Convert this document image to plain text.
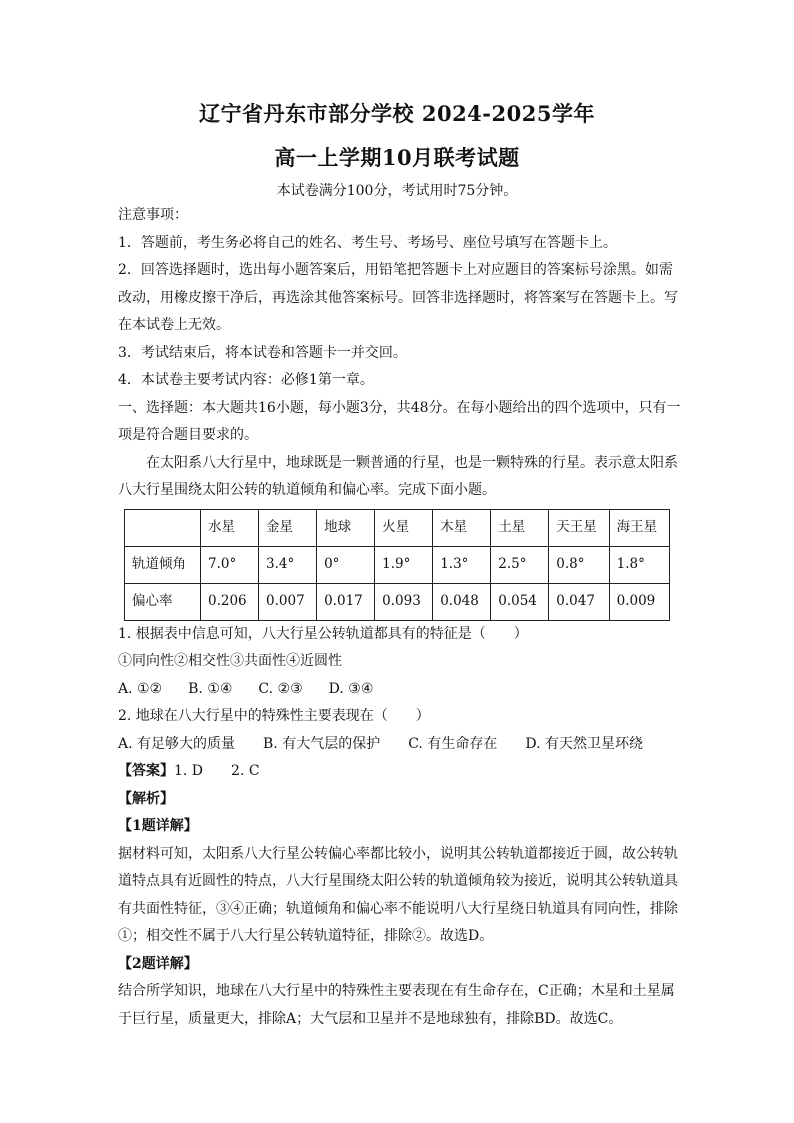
辽宁省丹东市部分学校 2024-2025学年
高一上学期10月联考试题
本试卷满分100分，考试用时75分钟。

注意事项：

1．答题前，考生务必将自己的姓名、考生号、考场号、座位号填写在答题卡上。

2．回答选择题时，选出每小题答案后，用铅笔把答题卡上对应题目的答案标号涂黑。如需改动，用橡皮擦干净后，再选涂其他答案标号。回答非选择题时，将答案写在答题卡上。写在本试卷上无效。

3．考试结束后，将本试卷和答题卡一并交回。

4．本试卷主要考试内容：必修1第一章。

一、选择题：本大题共16小题，每小题3分，共48分。在每小题给出的四个选项中，只有一项是符合题目要求的。

在太阳系八大行星中，地球既是一颗普通的行星，也是一颗特殊的行星。表示意太阳系八大行星围绕太阳公转的轨道倾角和偏心率。完成下面小题。

	水星	金星	地球	火星	木星	土星	天王星	海王星
轨道倾角	7.0°	3.4°	0°	1.9°	1.3°	2.5°	0.8°	1.8°
偏心率	0.206	0.007	0.017	0.093	0.048	0.054	0.047	0.009

1. 根据表中信息可知，八大行星公转轨道都具有的特征是（　　）

①同向性②相交性③共面性④近圆性

A. ①② B. ①④ C. ②③ D. ③④

2. 地球在八大行星中的特殊性主要表现在（　　）

A. 有足够大的质量 B. 有大气层的保护 C. 有生命存在 D. 有天然卫星环绕

【答案】1. D　　2. C

【解析】

【1题详解】

据材料可知，太阳系八大行星公转偏心率都比较小，说明其公转轨道都接近于圆，故公转轨道特点具有近圆性的特点，八大行星围绕太阳公转的轨道倾角较为接近，说明其公转轨道具有共面性特征，③④正确；轨道倾角和偏心率不能说明八大行星绕日轨道具有同向性，排除①；相交性不属于八大行星公转轨道特征，排除②。故选D。

【2题详解】

结合所学知识，地球在八大行星中的特殊性主要表现在有生命存在，C正确；木星和土星属于巨行星，质量更大，排除A；大气层和卫星并不是地球独有，排除BD。故选C。
